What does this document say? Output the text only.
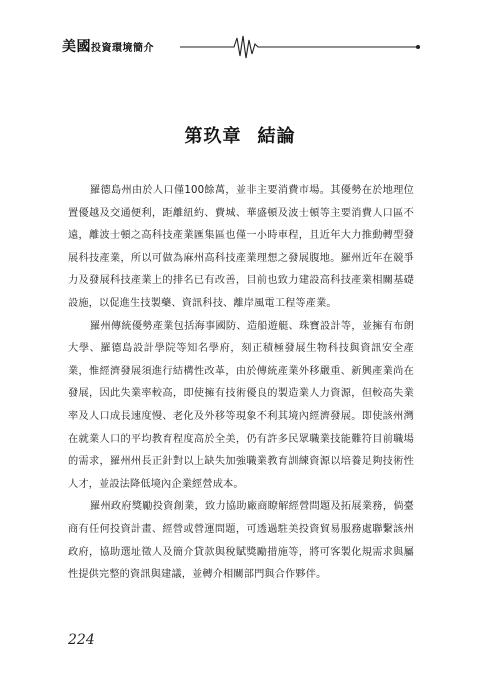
美國投資環境簡介
第玖章 結論

羅德島州由於人口僅100餘萬，並非主要消費市場。其優勢在於地理位置優越及交通便利，距離紐約、費城、華盛頓及波士頓等主要消費人口區不遠，離波士頓之高科技產業匯集區也僅一小時車程，且近年大力推動轉型發展科技產業，所以可做為麻州高科技產業理想之發展腹地。羅州近年在競爭力及發展科技產業上的排名已有改善，目前也致力建設高科技產業相關基礎設施，以促進生技製藥、資訊科技、離岸風電工程等產業。

羅州傳統優勢產業包括海事國防、造船遊艇、珠寶設計等，並擁有布朗大學、羅德島設計學院等知名學府，刻正積極發展生物科技與資訊安全產業，惟經濟發展須進行結構性改革，由於傳統產業外移嚴重、新興產業尚在發展，因此失業率較高，即使擁有技術優良的製造業人力資源，但較高失業率及人口成長速度慢、老化及外移等現象不利其境內經濟發展。即使該州灣在就業人口的平均教育程度高於全美，仍有許多民眾職業技能難符目前職場的需求，羅州州長正針對以上缺失加強職業教育訓練資源以培養足夠技術性人才，並設法降低境內企業經營成本。

羅州政府獎勵投資創業，致力協助廠商瞭解經營問題及拓展業務，倘臺商有任何投資計畫、經營或營運問題，可透過駐美投資貿易服務處聯繫該州政府，協助選址徵人及簡介貸款與稅賦獎勵措施等，將可客製化規需求與屬性提供完整的資訊與建議，並轉介相關部門與合作夥伴。

224
